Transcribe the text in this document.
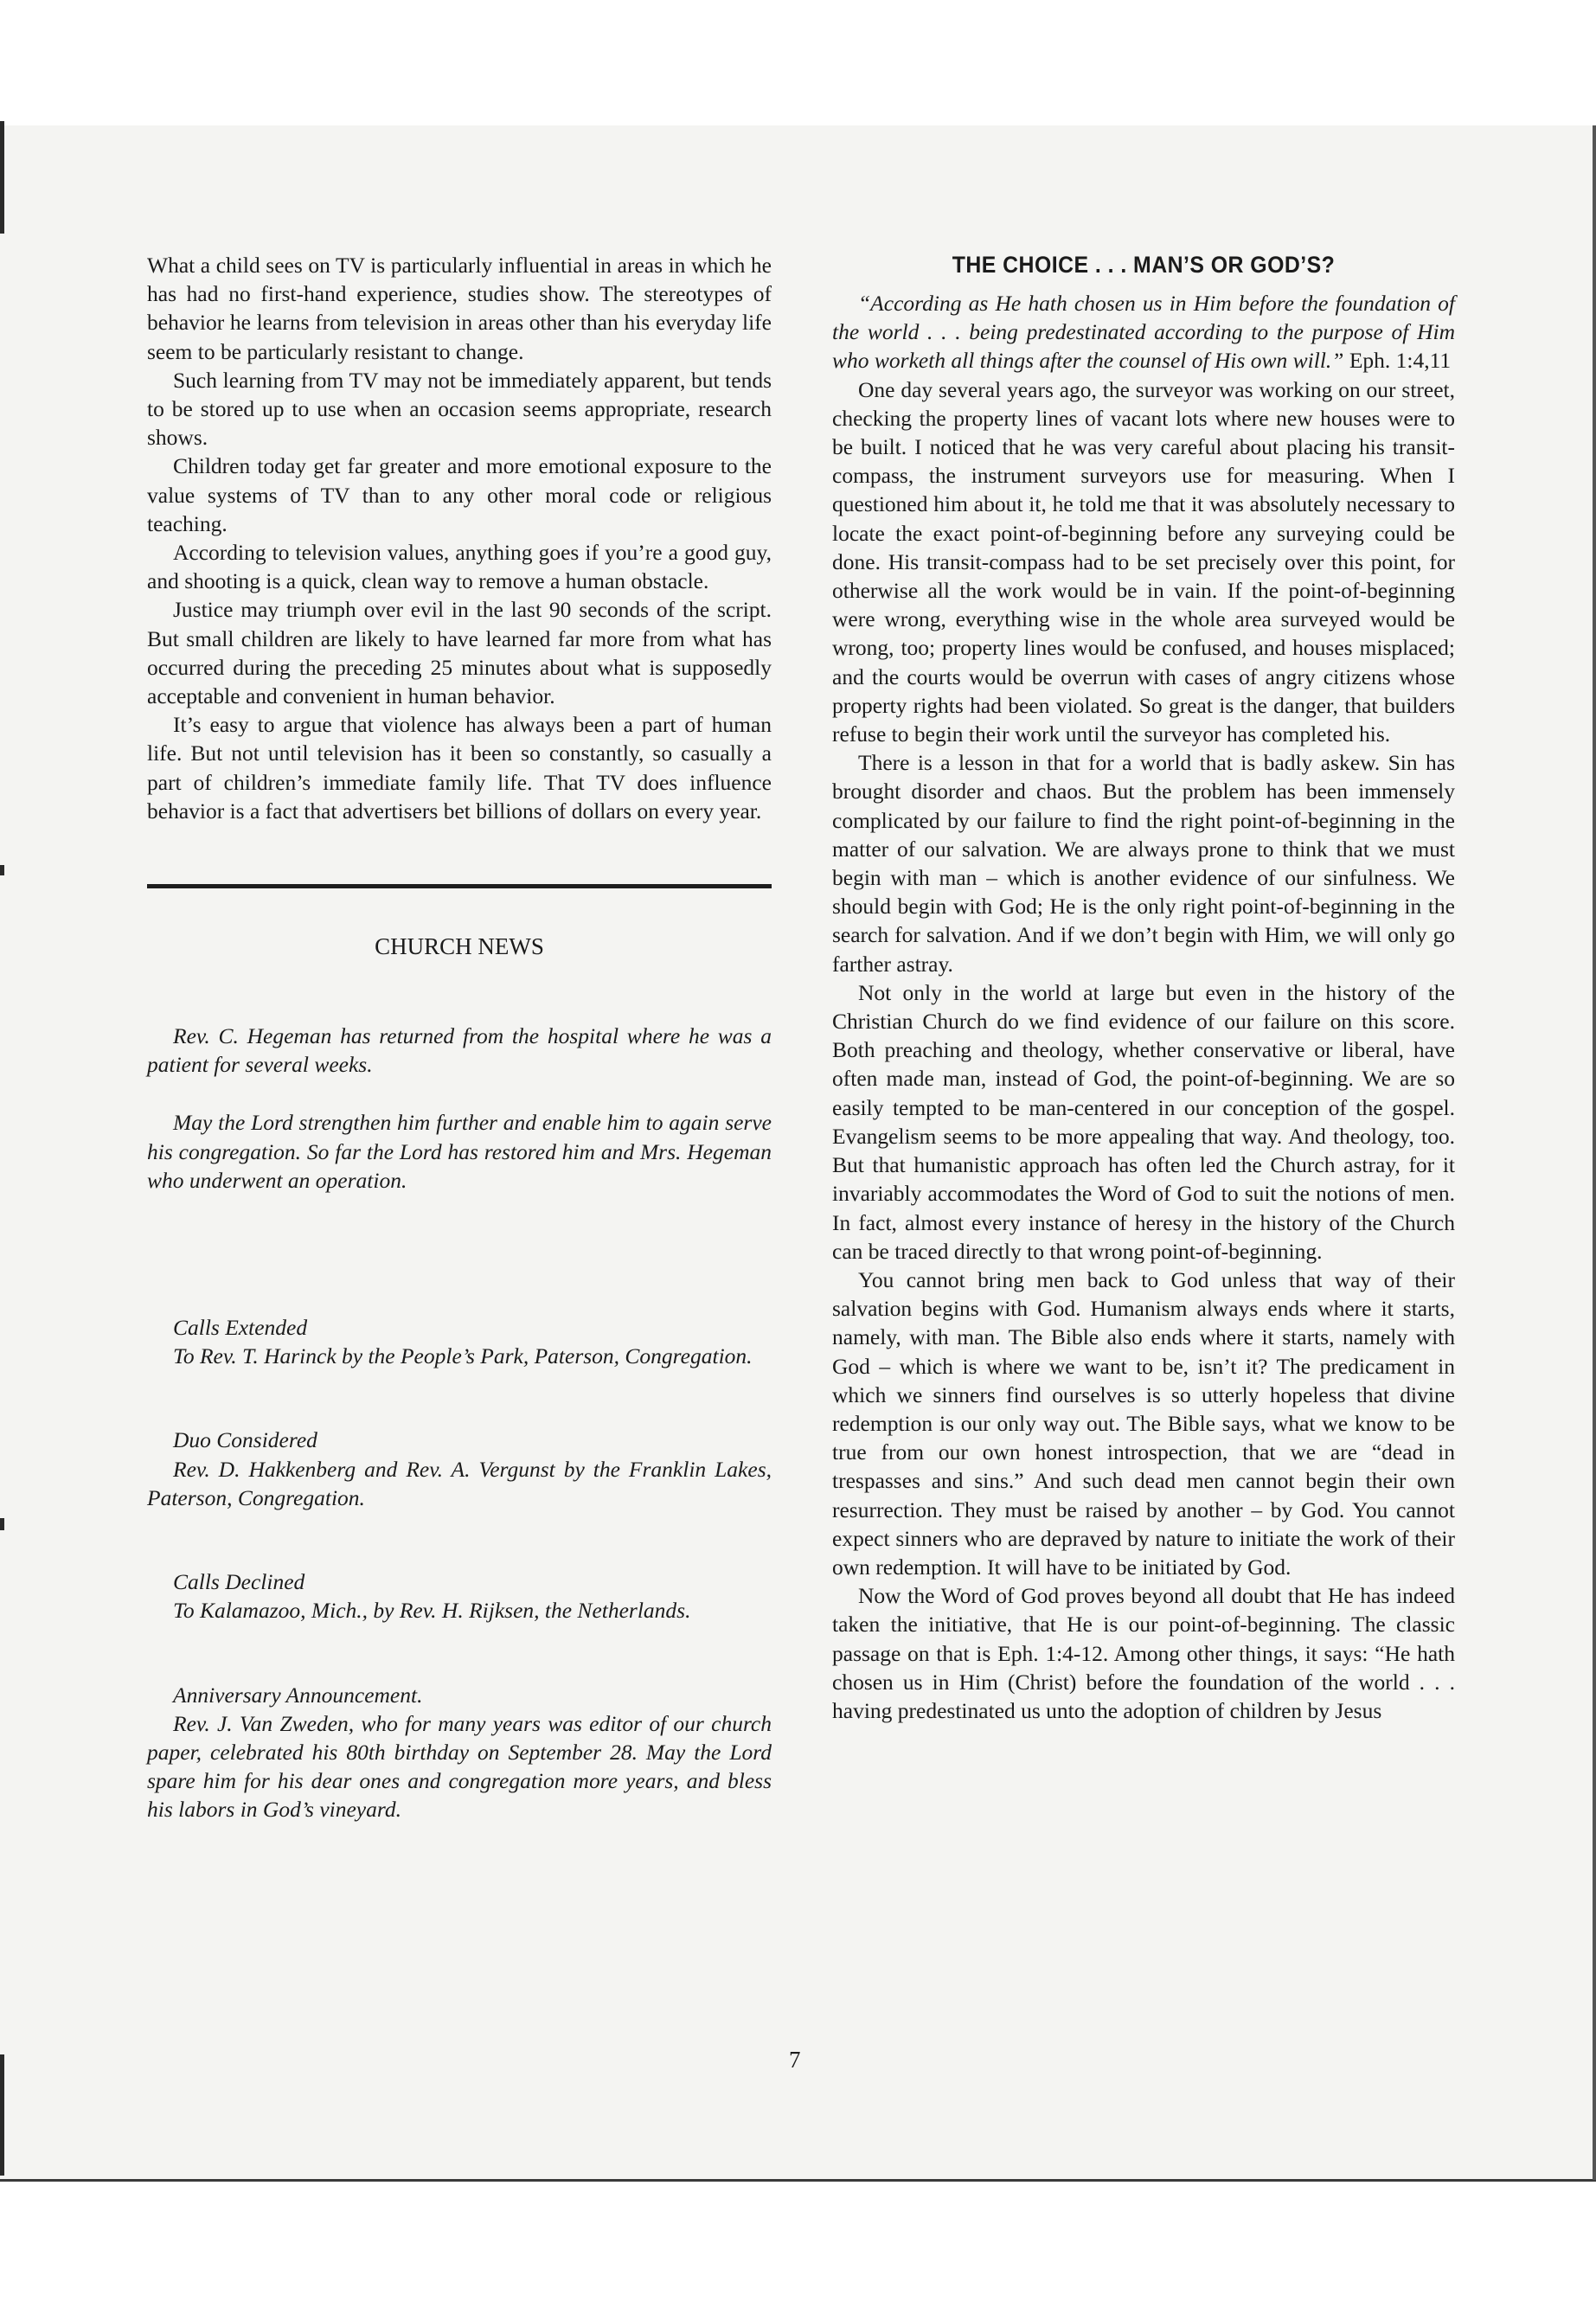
What a child sees on TV is particularly influential in areas in which he has had no first-hand experience, studies show. The stereotypes of behavior he learns from television in areas other than his everyday life seem to be particularly resistant to change.

Such learning from TV may not be immediately apparent, but tends to be stored up to use when an occasion seems appropriate, research shows.

Children today get far greater and more emotional exposure to the value systems of TV than to any other moral code or religious teaching.

According to television values, anything goes if you’re a good guy, and shooting is a quick, clean way to remove a human obstacle.

Justice may triumph over evil in the last 90 seconds of the script. But small children are likely to have learned far more from what has occurred during the preceding 25 minutes about what is supposedly acceptable and convenient in human behavior.

It’s easy to argue that violence has always been a part of human life. But not until television has it been so constantly, so casually a part of children’s immediate family life. That TV does influence behavior is a fact that advertisers bet billions of dollars on every year.

CHURCH NEWS

Rev. C. Hegeman has returned from the hospital where he was a patient for several weeks.

May the Lord strengthen him further and enable him to again serve his congregation. So far the Lord has restored him and Mrs. Hegeman who underwent an operation.

Calls Extended

To Rev. T. Harinck by the People’s Park, Paterson, Congregation.

Duo Considered

Rev. D. Hakkenberg and Rev. A. Vergunst by the Franklin Lakes, Paterson, Congregation.

Calls Declined

To Kalamazoo, Mich., by Rev. H. Rijksen, the Netherlands.

Anniversary Announcement.

Rev. J. Van Zweden, who for many years was editor of our church paper, celebrated his 80th birthday on September 28. May the Lord spare him for his dear ones and congregation more years, and bless his labors in God’s vineyard.

THE CHOICE . . . MAN’S OR GOD’S?

“According as He hath chosen us in Him before the foundation of the world . . . being predestinated according to the purpose of Him who worketh all things after the counsel of His own will.” Eph. 1:4,11

One day several years ago, the surveyor was working on our street, checking the property lines of vacant lots where new houses were to be built. I noticed that he was very careful about placing his transit-compass, the instrument surveyors use for measuring. When I questioned him about it, he told me that it was absolutely necessary to locate the exact point-of-beginning before any surveying could be done. His transit-compass had to be set precisely over this point, for otherwise all the work would be in vain. If the point-of-beginning were wrong, everything wise in the whole area surveyed would be wrong, too; property lines would be confused, and houses misplaced; and the courts would be overrun with cases of angry citizens whose property rights had been violated. So great is the danger, that builders refuse to begin their work until the surveyor has completed his.

There is a lesson in that for a world that is badly askew. Sin has brought disorder and chaos. But the problem has been immensely complicated by our failure to find the right point-of-beginning in the matter of our salvation. We are always prone to think that we must begin with man – which is another evidence of our sinfulness. We should begin with God; He is the only right point-of-beginning in the search for salvation. And if we don’t begin with Him, we will only go farther astray.

Not only in the world at large but even in the history of the Christian Church do we find evidence of our failure on this score. Both preaching and theology, whether conservative or liberal, have often made man, instead of God, the point-of-beginning. We are so easily tempted to be man-centered in our conception of the gospel. Evangelism seems to be more appealing that way. And theology, too. But that humanistic approach has often led the Church astray, for it invariably accommodates the Word of God to suit the notions of men. In fact, almost every instance of heresy in the history of the Church can be traced directly to that wrong point-of-beginning.

You cannot bring men back to God unless that way of their salvation begins with God. Humanism always ends where it starts, namely, with man. The Bible also ends where it starts, namely with God – which is where we want to be, isn’t it? The predicament in which we sinners find ourselves is so utterly hopeless that divine redemption is our only way out. The Bible says, what we know to be true from our own honest introspection, that we are “dead in trespasses and sins.” And such dead men cannot begin their own resurrection. They must be raised by another – by God. You cannot expect sinners who are depraved by nature to initiate the work of their own redemption. It will have to be initiated by God.

Now the Word of God proves beyond all doubt that He has indeed taken the initiative, that He is our point-of-beginning. The classic passage on that is Eph. 1:4-12. Among other things, it says: “He hath chosen us in Him (Christ) before the foundation of the world . . . having predestinated us unto the adoption of children by Jesus

7
